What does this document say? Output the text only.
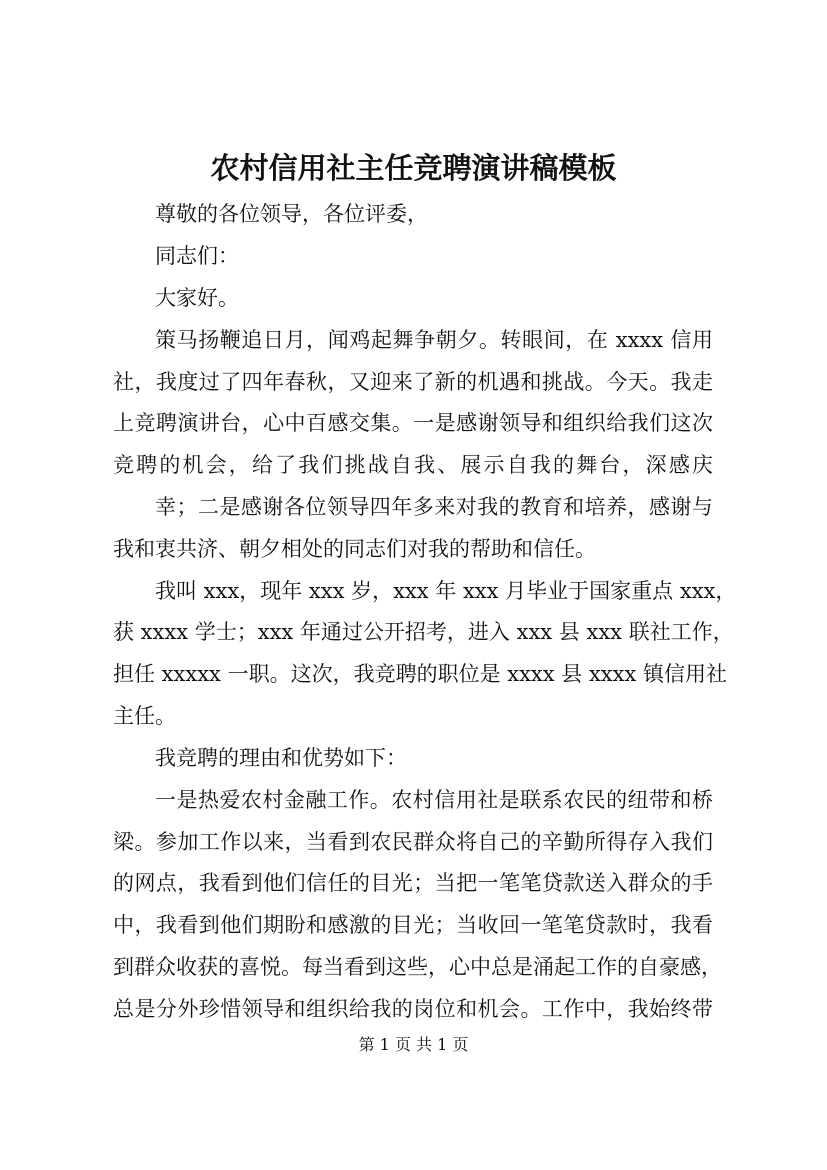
农村信用社主任竞聘演讲稿模板
尊敬的各位领导，各位评委，
同志们：
大家好。
策马扬鞭追日月，闻鸡起舞争朝夕。转眼间，在 xxxx 信用
社，我度过了四年春秋，又迎来了新的机遇和挑战。今天。我走
上竞聘演讲台，心中百感交集。一是感谢领导和组织给我们这次
竞聘的机会，给了我们挑战自我、展示自我的舞台，深感庆
幸；二是感谢各位领导四年多来对我的教育和培养，感谢与
我和衷共济、朝夕相处的同志们对我的帮助和信任。
我叫 xxx，现年 xxx 岁，xxx 年 xxx 月毕业于国家重点 xxx，
获 xxxx 学士；xxx 年通过公开招考，进入 xxx 县 xxx 联社工作，
担任 xxxxx 一职。这次，我竞聘的职位是 xxxx 县 xxxx 镇信用社
主任。
我竞聘的理由和优势如下：
一是热爱农村金融工作。农村信用社是联系农民的纽带和桥
梁。参加工作以来，当看到农民群众将自己的辛勤所得存入我们
的网点，我看到他们信任的目光；当把一笔笔贷款送入群众的手
中，我看到他们期盼和感激的目光；当收回一笔笔贷款时，我看
到群众收获的喜悦。每当看到这些，心中总是涌起工作的自豪感，
总是分外珍惜领导和组织给我的岗位和机会。工作中，我始终带
第 1 页 共 1 页
